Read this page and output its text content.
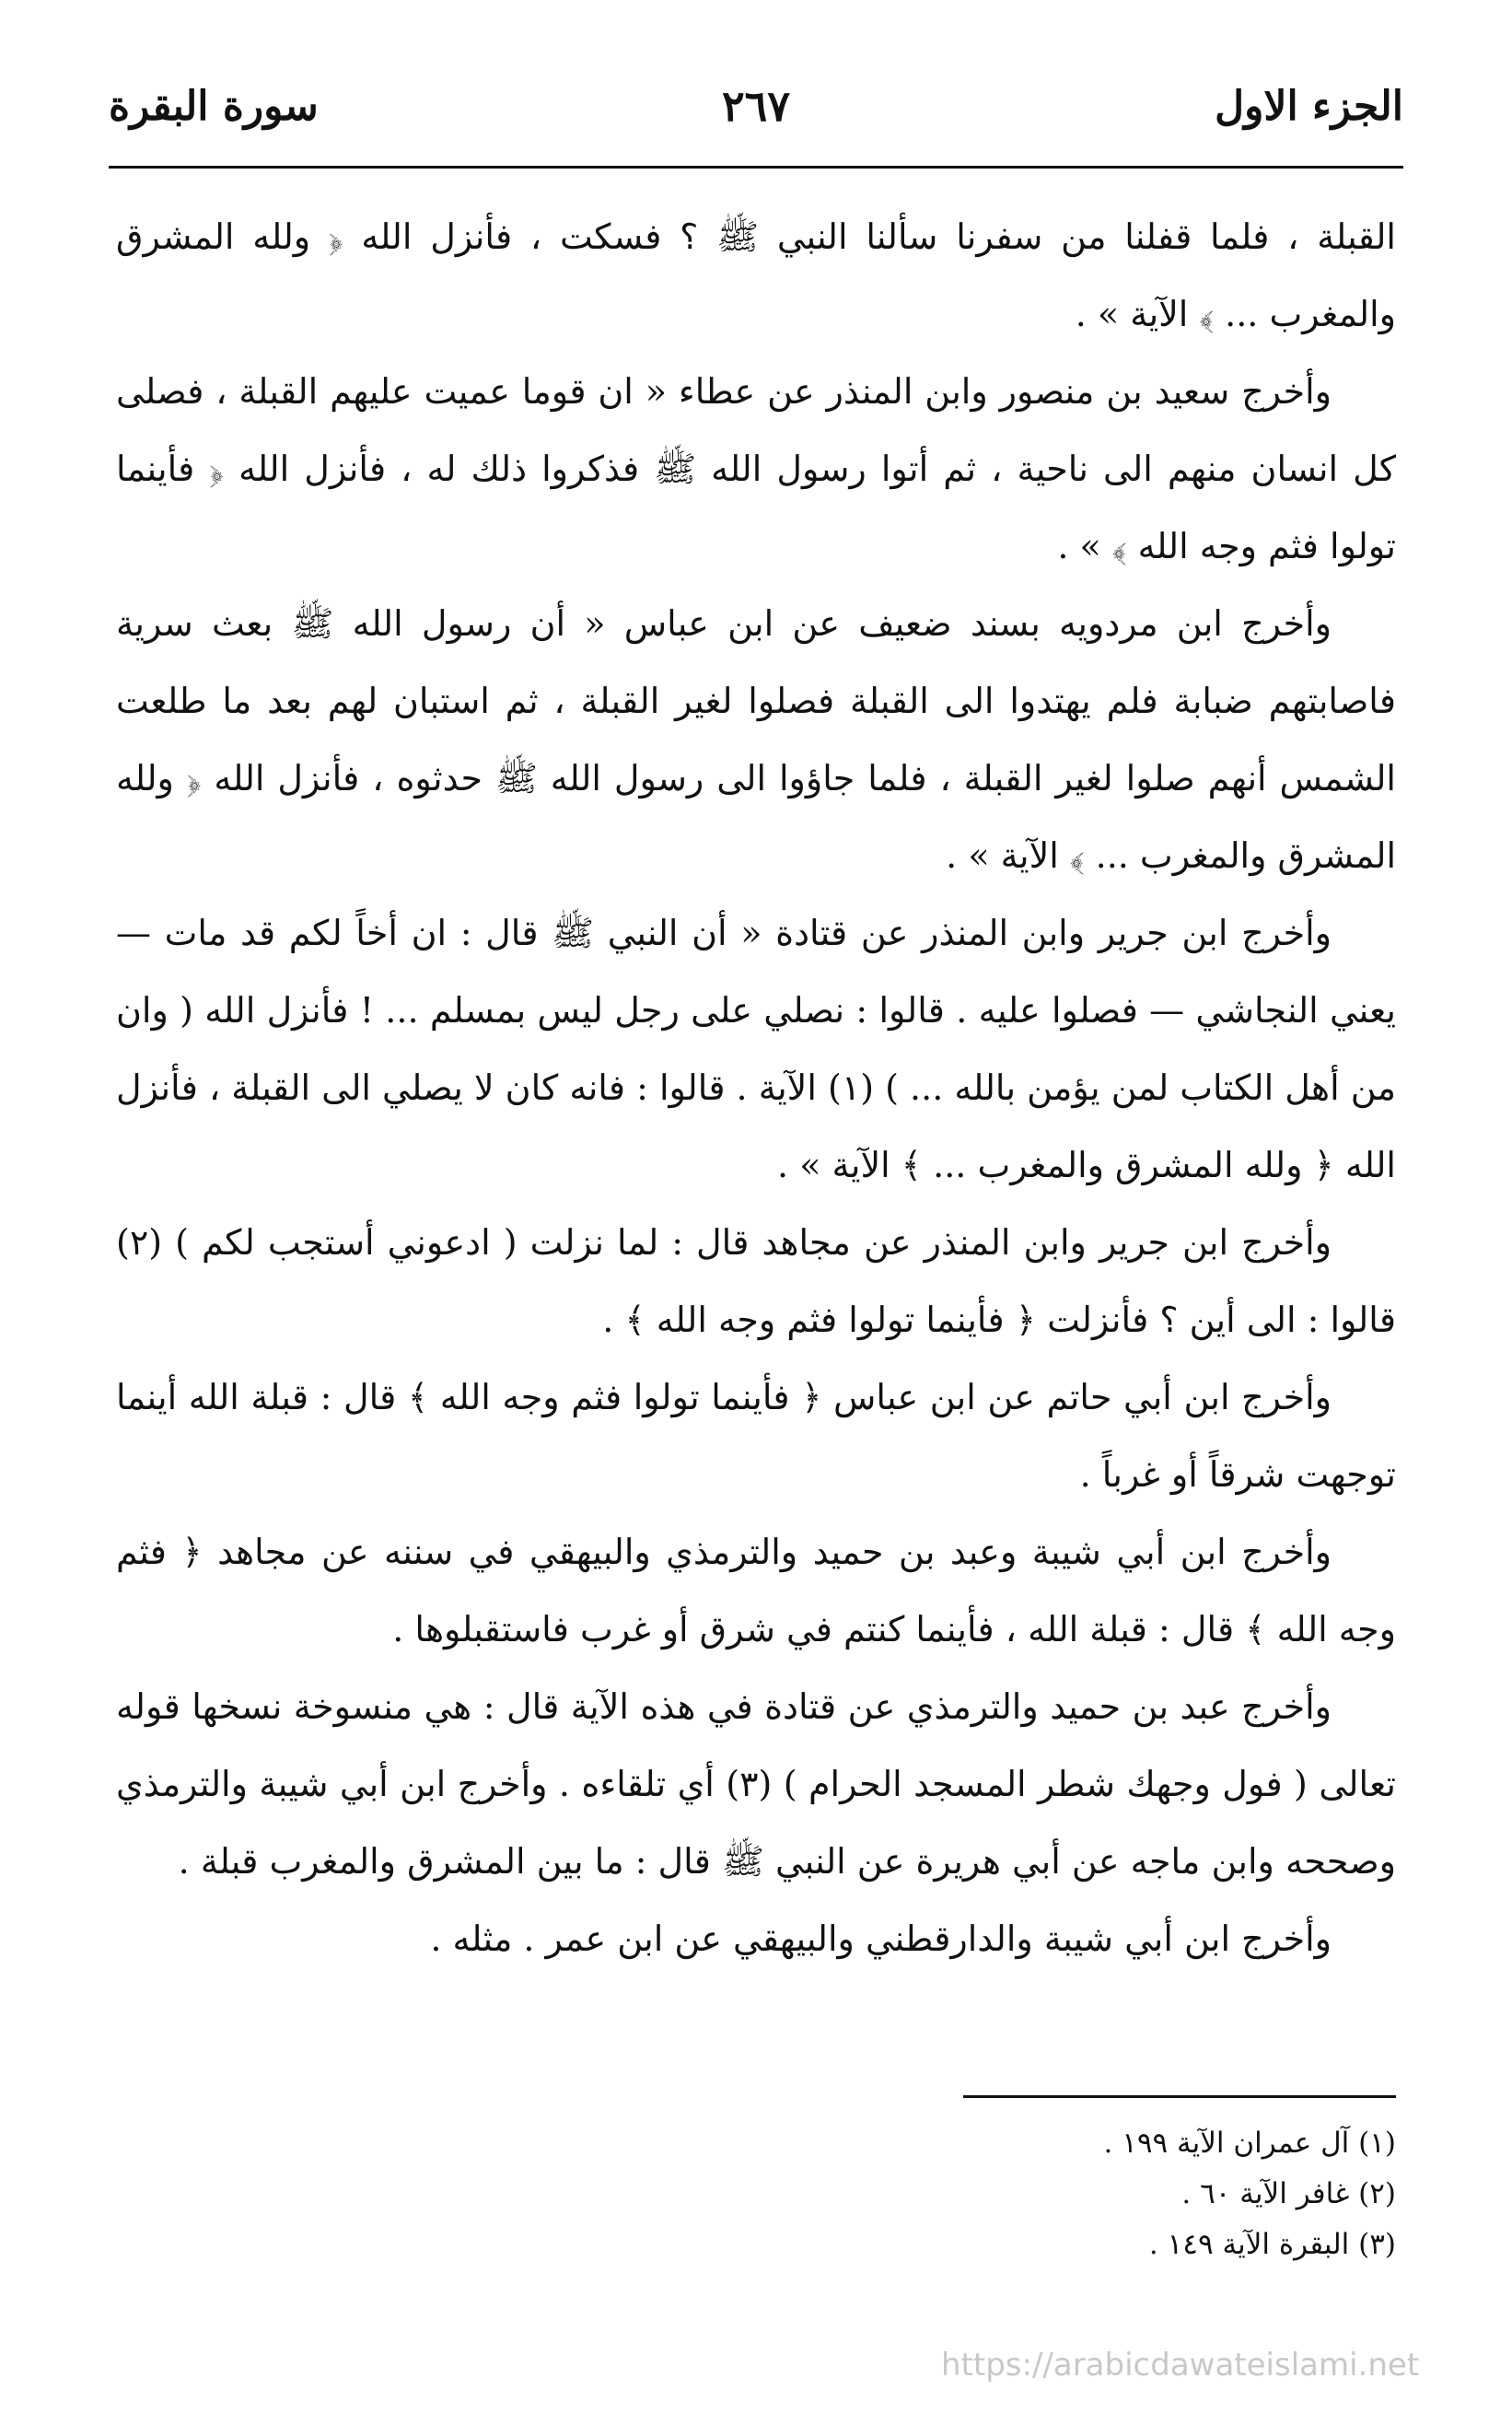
الجزء الاول
٢٦٧
سورة البقرة

القبلة ، فلما قفلنا من سفرنا سألنا النبي ﷺ ؟ فسكت ، فأنزل الله ﴿ ولله المشرق والمغرب ... ﴾ الآية » .

وأخرج سعيد بن منصور وابن المنذر عن عطاء « ان قوما عميت عليهم القبلة ، فصلى كل انسان منهم الى ناحية ، ثم أتوا رسول الله ﷺ فذكروا ذلك له ، فأنزل الله ﴿ فأينما تولوا فثم وجه الله ﴾ » .

وأخرج ابن مردويه بسند ضعيف عن ابن عباس « أن رسول الله ﷺ بعث سرية فاصابتهم ضبابة فلم يهتدوا الى القبلة فصلوا لغير القبلة ، ثم استبان لهم بعد ما طلعت الشمس أنهم صلوا لغير القبلة ، فلما جاؤوا الى رسول الله ﷺ حدثوه ، فأنزل الله ﴿ ولله المشرق والمغرب ... ﴾ الآية » .

وأخرج ابن جرير وابن المنذر عن قتادة « أن النبي ﷺ قال : ان أخاً لكم قد مات — يعني النجاشي — فصلوا عليه . قالوا : نصلي على رجل ليس بمسلم ... ! فأنزل الله ( وان من أهل الكتاب لمن يؤمن بالله ... ) (١) الآية . قالوا : فانه كان لا يصلي الى القبلة ، فأنزل الله ﴿ ولله المشرق والمغرب ... ﴾ الآية » .

وأخرج ابن جرير وابن المنذر عن مجاهد قال : لما نزلت ( ادعوني أستجب لكم ) (٢) قالوا : الى أين ؟ فأنزلت ﴿ فأينما تولوا فثم وجه الله ﴾ .

وأخرج ابن أبي حاتم عن ابن عباس ﴿ فأينما تولوا فثم وجه الله ﴾ قال : قبلة الله أينما توجهت شرقاً أو غرباً .

وأخرج ابن أبي شيبة وعبد بن حميد والترمذي والبيهقي في سننه عن مجاهد ﴿ فثم وجه الله ﴾ قال : قبلة الله ، فأينما كنتم في شرق أو غرب فاستقبلوها .

وأخرج عبد بن حميد والترمذي عن قتادة في هذه الآية قال : هي منسوخة نسخها قوله تعالى ( فول وجهك شطر المسجد الحرام ) (٣) أي تلقاءه . وأخرج ابن أبي شيبة والترمذي وصححه وابن ماجه عن أبي هريرة عن النبي ﷺ قال : ما بين المشرق والمغرب قبلة .

وأخرج ابن أبي شيبة والدارقطني والبيهقي عن ابن عمر . مثله .

(١) آل عمران الآية ١٩٩ .
(٢) غافر الآية ٦٠ .
(٣) البقرة الآية ١٤٩ .
https://arabicdawateislami.net
